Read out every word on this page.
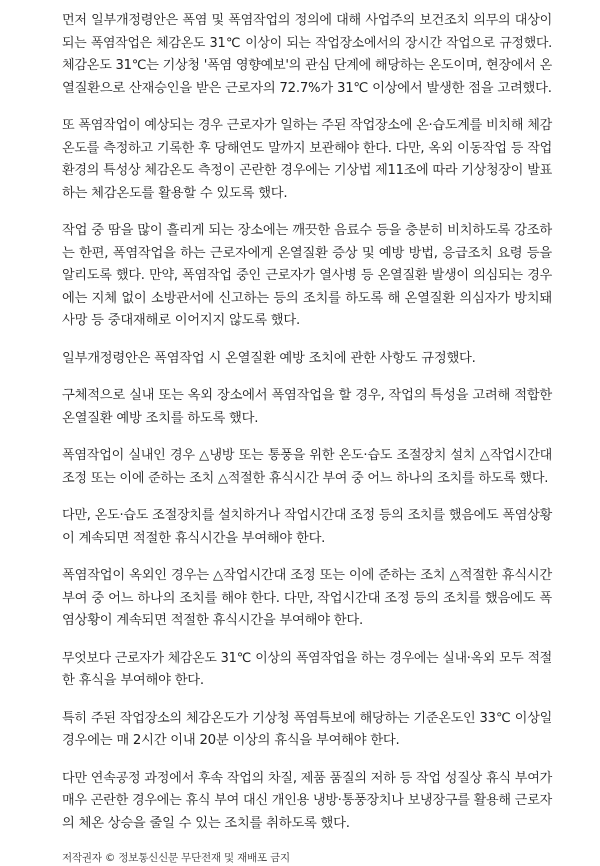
먼저 일부개정령안은 폭염 및 폭염작업의 정의에 대해 사업주의 보건조치 의무의 대상이
되는 폭염작업은 체감온도 31℃ 이상이 되는 작업장소에서의 장시간 작업으로 규정했다.
체감온도 31℃는 기상청 '폭염 영향예보'의 관심 단계에 해당하는 온도이며, 현장에서 온
열질환으로 산재승인을 받은 근로자의 72.7%가 31℃ 이상에서 발생한 점을 고려했다.

또 폭염작업이 예상되는 경우 근로자가 일하는 주된 작업장소에 온·습도계를 비치해 체감
온도를 측정하고 기록한 후 당해연도 말까지 보관해야 한다. 다만, 옥외 이동작업 등 작업
환경의 특성상 체감온도 측정이 곤란한 경우에는 기상법 제11조에 따라 기상청장이 발표
하는 체감온도를 활용할 수 있도록 했다.

작업 중 땀을 많이 흘리게 되는 장소에는 깨끗한 음료수 등을 충분히 비치하도록 강조하
는 한편, 폭염작업을 하는 근로자에게 온열질환 증상 및 예방 방법, 응급조치 요령 등을
알리도록 했다. 만약, 폭염작업 중인 근로자가 열사병 등 온열질환 발생이 의심되는 경우
에는 지체 없이 소방관서에 신고하는 등의 조치를 하도록 해 온열질환 의심자가 방치돼
사망 등 중대재해로 이어지지 않도록 했다.

일부개정령안은 폭염작업 시 온열질환 예방 조치에 관한 사항도 규정했다.

구체적으로 실내 또는 옥외 장소에서 폭염작업을 할 경우, 작업의 특성을 고려해 적합한
온열질환 예방 조치를 하도록 했다.

폭염작업이 실내인 경우 △냉방 또는 통풍을 위한 온도·습도 조절장치 설치 △작업시간대
조정 또는 이에 준하는 조치 △적절한 휴식시간 부여 중 어느 하나의 조치를 하도록 했다.

다만, 온도·습도 조절장치를 설치하거나 작업시간대 조정 등의 조치를 했음에도 폭염상황
이 계속되면 적절한 휴식시간을 부여해야 한다.

폭염작업이 옥외인 경우는 △작업시간대 조정 또는 이에 준하는 조치 △적절한 휴식시간
부여 중 어느 하나의 조치를 해야 한다. 다만, 작업시간대 조정 등의 조치를 했음에도 폭
염상황이 계속되면 적절한 휴식시간을 부여해야 한다.

무엇보다 근로자가 체감온도 31℃ 이상의 폭염작업을 하는 경우에는 실내·옥외 모두 적절
한 휴식을 부여해야 한다.

특히 주된 작업장소의 체감온도가 기상청 폭염특보에 해당하는 기준온도인 33℃ 이상일
경우에는 매 2시간 이내 20분 이상의 휴식을 부여해야 한다.

다만 연속공정 과정에서 후속 작업의 차질, 제품 품질의 저하 등 작업 성질상 휴식 부여가
매우 곤란한 경우에는 휴식 부여 대신 개인용 냉방·통풍장치나 보냉장구를 활용해 근로자
의 체온 상승을 줄일 수 있는 조치를 취하도록 했다.

저작권자 © 정보통신신문 무단전재 및 재배포 금지
